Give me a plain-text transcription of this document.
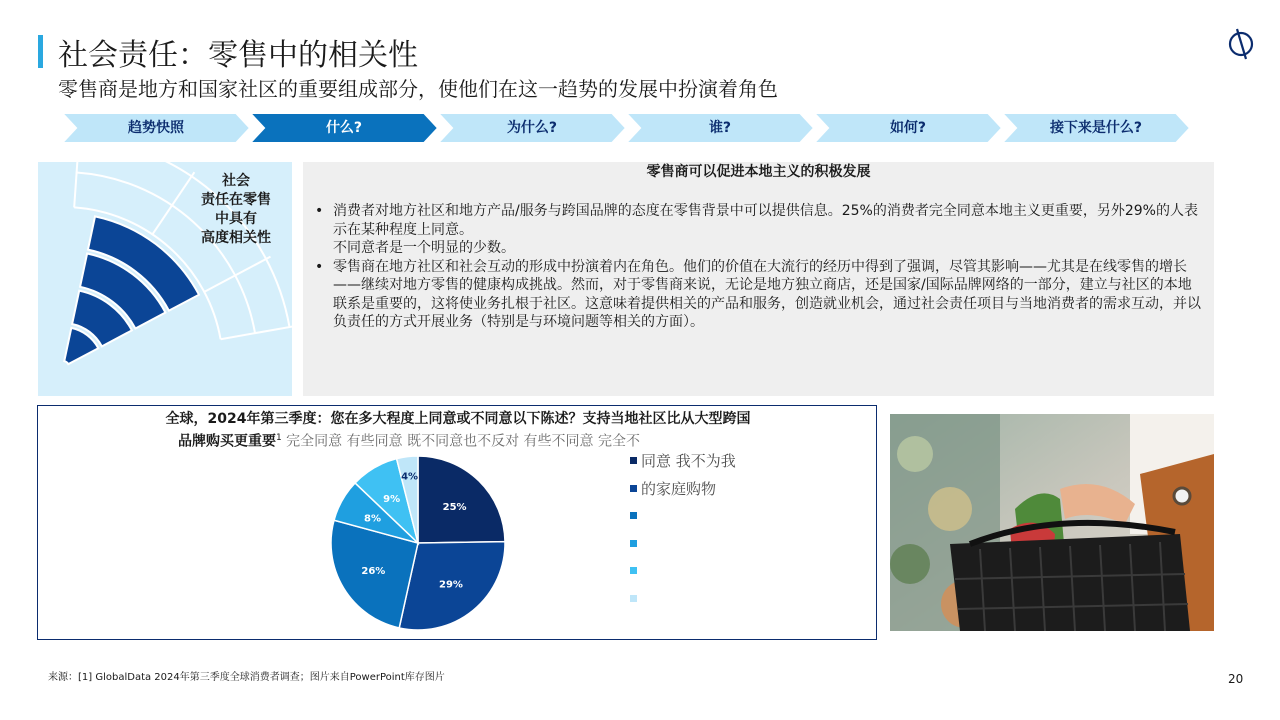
社会责任：零售中的相关性
零售商是地方和国家社区的重要组成部分，使他们在这一趋势的发展中扮演着角色
趋势快照	什么?	为什么?	谁?	如何?	接下来是什么?
社会
责任在零售
中具有
高度相关性
零售商可以促进本地主义的积极发展
• 消费者对地方社区和地方产品/服务与跨国品牌的态度在零售背景中可以提供信息。25%的消费者完全同意本地主义更重要，另外29%的人表示在某种程度上同意。
不同意者是一个明显的少数。
• 零售商在地方社区和社会互动的形成中扮演着内在角色。他们的价值在大流行的经历中得到了强调，尽管其影响——尤其是在线零售的增长——继续对地方零售的健康构成挑战。然而，对于零售商来说，无论是地方独立商店，还是国家/国际品牌网络的一部分，建立与社区的本地联系是重要的，这将使业务扎根于社区。这意味着提供相关的产品和服务，创造就业机会，通过社会责任项目与当地消费者的需求互动，并以负责任的方式开展业务（特别是与环境问题等相关的方面）。
全球，2024年第三季度：您在多大程度上同意或不同意以下陈述？支持当地社区比从大型跨国
品牌购买更重要$^1$ 完全同意 有些同意 既不同意也不反对 有些不同意 完全不
25%
29%
26%
8%
9%
4%
同意 我不为我
的家庭购物
来源：[1] GlobalData 2024年第三季度全球消费者调查；图片来自PowerPoint库存图片	20
